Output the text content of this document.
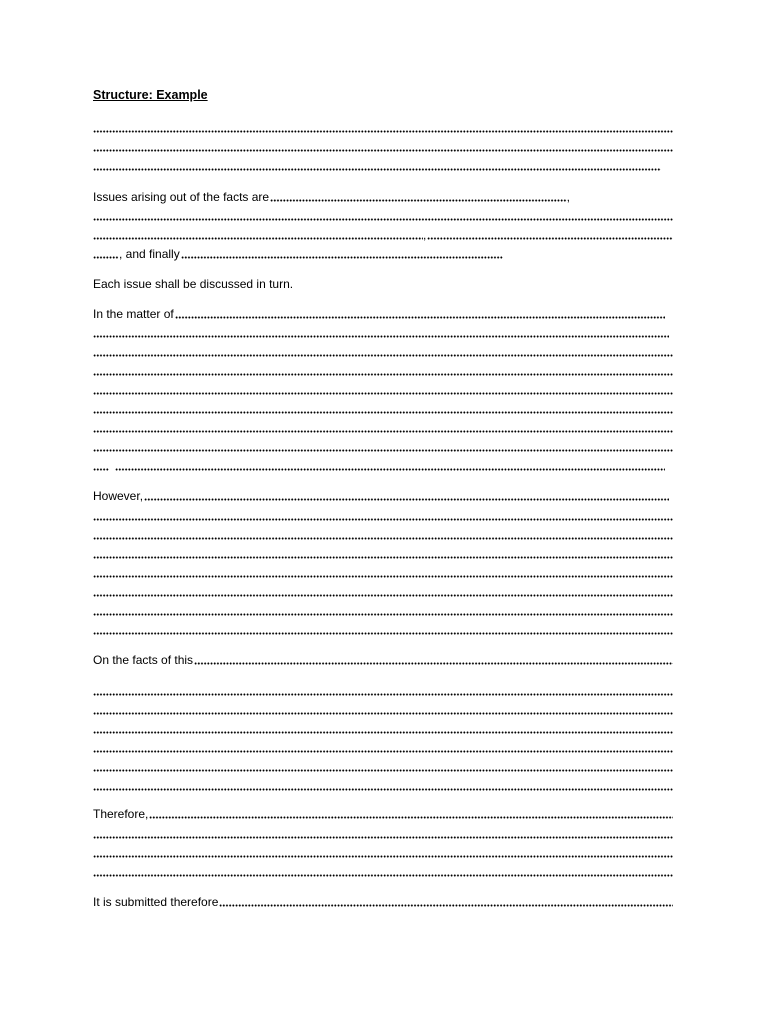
Structure: Example
Issues arising out of the facts are	,
,
, and finally
Each issue shall be discussed in turn.
In the matter of
However,
On the facts of this
Therefore,
It is submitted therefore
